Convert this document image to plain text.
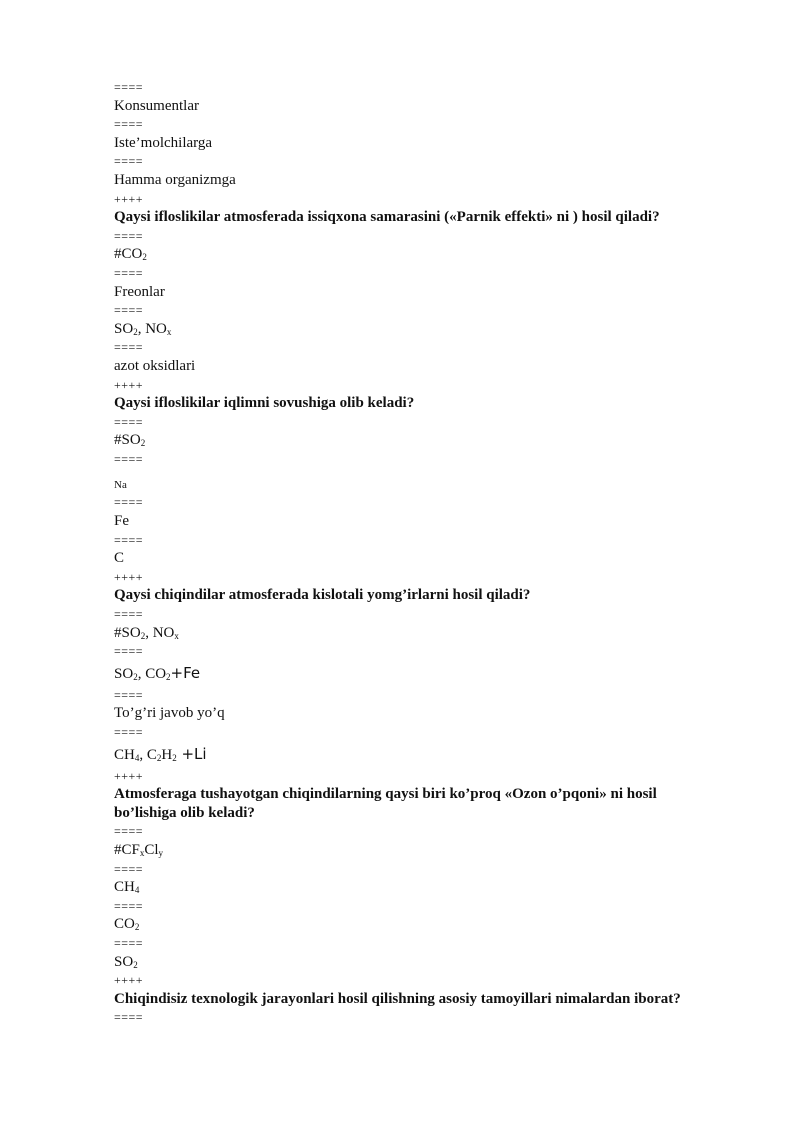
====
Konsumentlar
====
Iste’molchilarga
====
Hamma organizmga
++++
Qaysi ifloslikilar atmosferada issiqxona samarasini («Parnik effekti» ni ) hosil qiladi?
====
$\#CO_2$
====
Freonlar
====
$SO_2$, $NO_x$
====
azot oksidlari
++++
Qaysi ifloslikilar iqlimni sovushiga olib keladi?
====
$\#SO_2$
====
Na
====
Fe
====
C
++++
Qaysi chiqindilar atmosferada kislotali yomg’irlarni hosil qiladi?
====
$\#SO_2$, $NO_x$
====
$SO_2$, $CO_2+Fe$
====
To’g’ri javob yo’q
====
$CH_4$, $C_2H_2 +Li$
++++
Atmosferaga tushayotgan chiqindilarning qaysi biri ko’proq «Ozon o’pqoni» ni hosil
bo’lishiga olib keladi?
====
$\#CF_xCl_y$
====
$CH_4$
====
$CO_2$
====
$SO_2$
++++
Chiqindisiz texnologik jarayonlari hosil qilishning asosiy tamoyillari nimalardan iborat?
====
